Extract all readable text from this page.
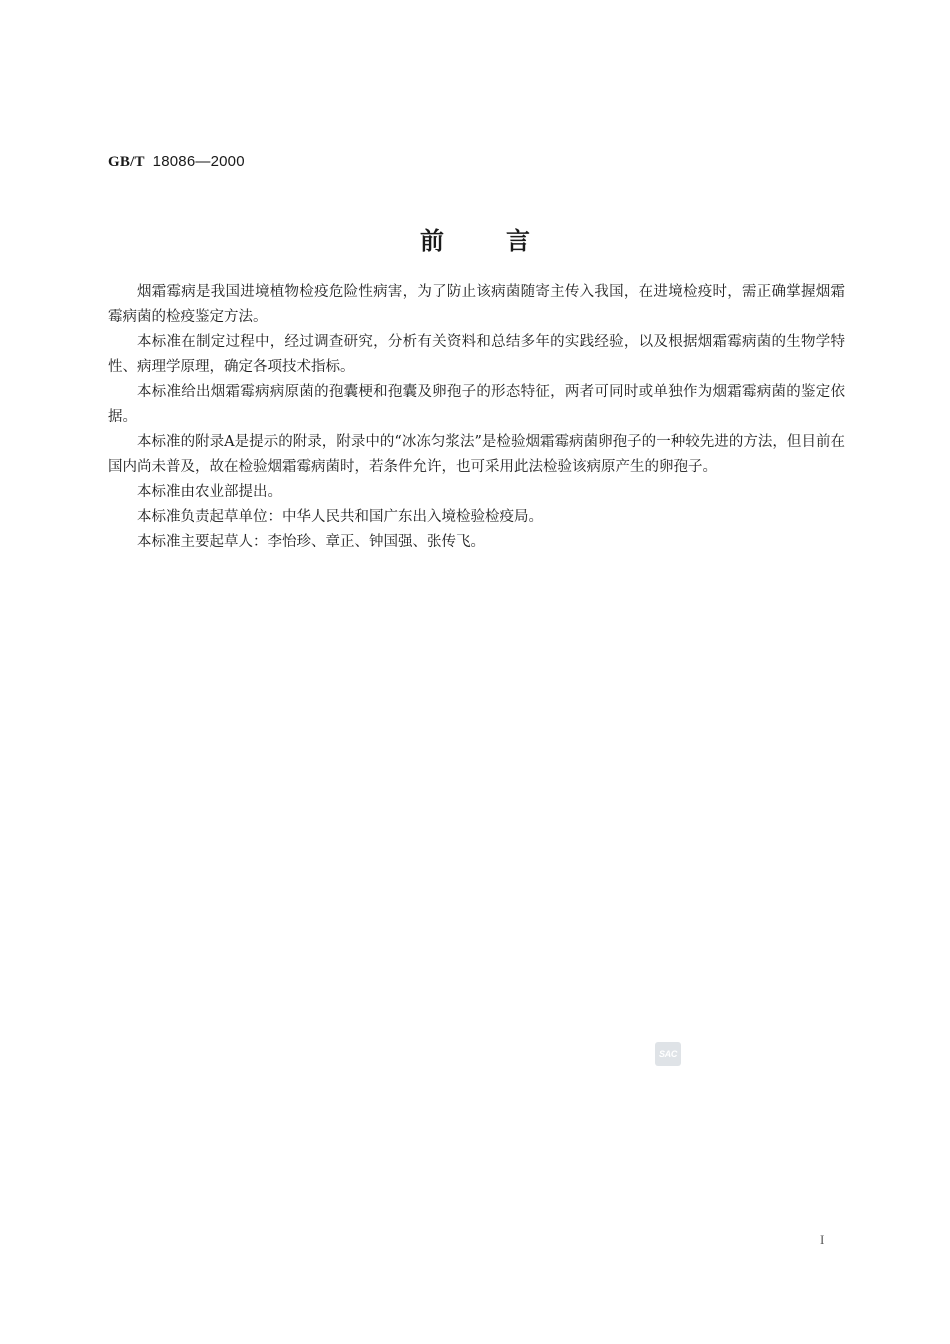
GB/T 18086—2000
前言

烟霜霉病是我国进境植物检疫危险性病害，为了防止该病菌随寄主传入我国，在进境检疫时，需正确掌握烟霜霉病菌的检疫鉴定方法。

本标准在制定过程中，经过调查研究，分析有关资料和总结多年的实践经验，以及根据烟霜霉病菌的生物学特性、病理学原理，确定各项技术指标。

本标准给出烟霜霉病病原菌的孢囊梗和孢囊及卵孢子的形态特征，两者可同时或单独作为烟霜霉病菌的鉴定依据。

本标准的附录A是提示的附录，附录中的“冰冻匀浆法”是检验烟霜霉病菌卵孢子的一种较先进的方法，但目前在国内尚未普及，故在检验烟霜霉病菌时，若条件允许，也可采用此法检验该病原产生的卵孢子。

本标准由农业部提出。

本标准负责起草单位：中华人民共和国广东出入境检验检疫局。

本标准主要起草人：李怡珍、章正、钟国强、张传飞。

SAC
I
